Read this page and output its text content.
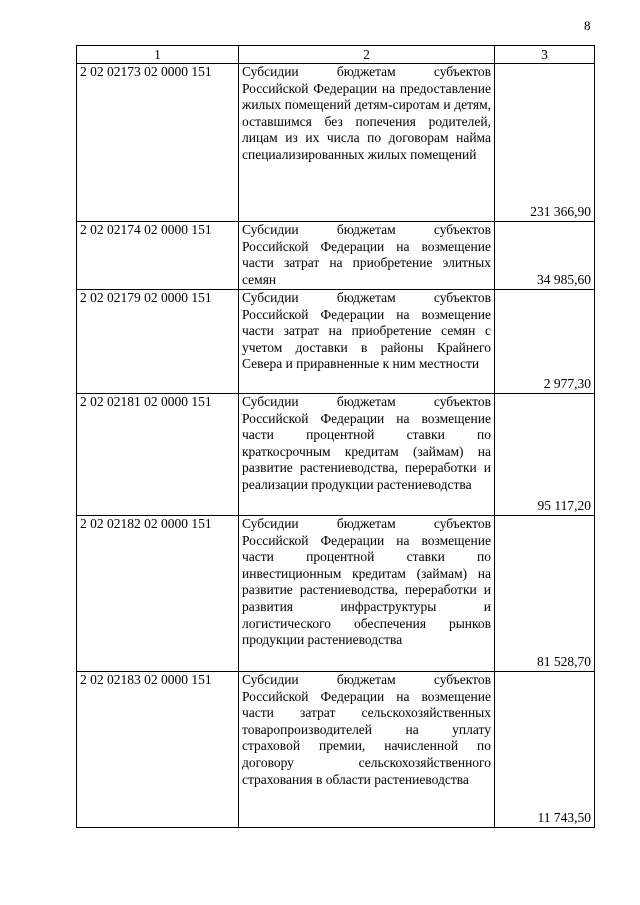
8
1	2	3
2 02 02173 02 0000 151	Субсидии бюджетам субъектов Российской Федерации на предоставление жилых помещений детям-сиротам и детям, оставшимся без попечения родителей, лицам из их числа по договорам найма специализированных жилых помещений	231 366,90
2 02 02174 02 0000 151	Субсидии бюджетам субъектов Российской Федерации на возмещение части затрат на приобретение элитных семян	34 985,60
2 02 02179 02 0000 151	Субсидии бюджетам субъектов Российской Федерации на возмещение части затрат на приобретение семян с учетом доставки в районы Крайнего Севера и приравненные к ним местности	2 977,30
2 02 02181 02 0000 151	Субсидии бюджетам субъектов Российской Федерации на возмещение части процентной ставки по краткосрочным кредитам (займам) на развитие растениеводства, переработки и реализации продукции растениеводства	95 117,20
2 02 02182 02 0000 151	Субсидии бюджетам субъектов Российской Федерации на возмещение части процентной ставки по инвестиционным кредитам (займам) на развитие растениеводства, переработки и развития инфраструктуры и логистического обеспечения рынков продукции растениеводства	81 528,70
2 02 02183 02 0000 151	Субсидии бюджетам субъектов Российской Федерации на возмещение части затрат сельскохозяйственных товаропроизводителей на уплату страховой премии, начисленной по договору сельскохозяйственного страхования в области растениеводства	11 743,50
